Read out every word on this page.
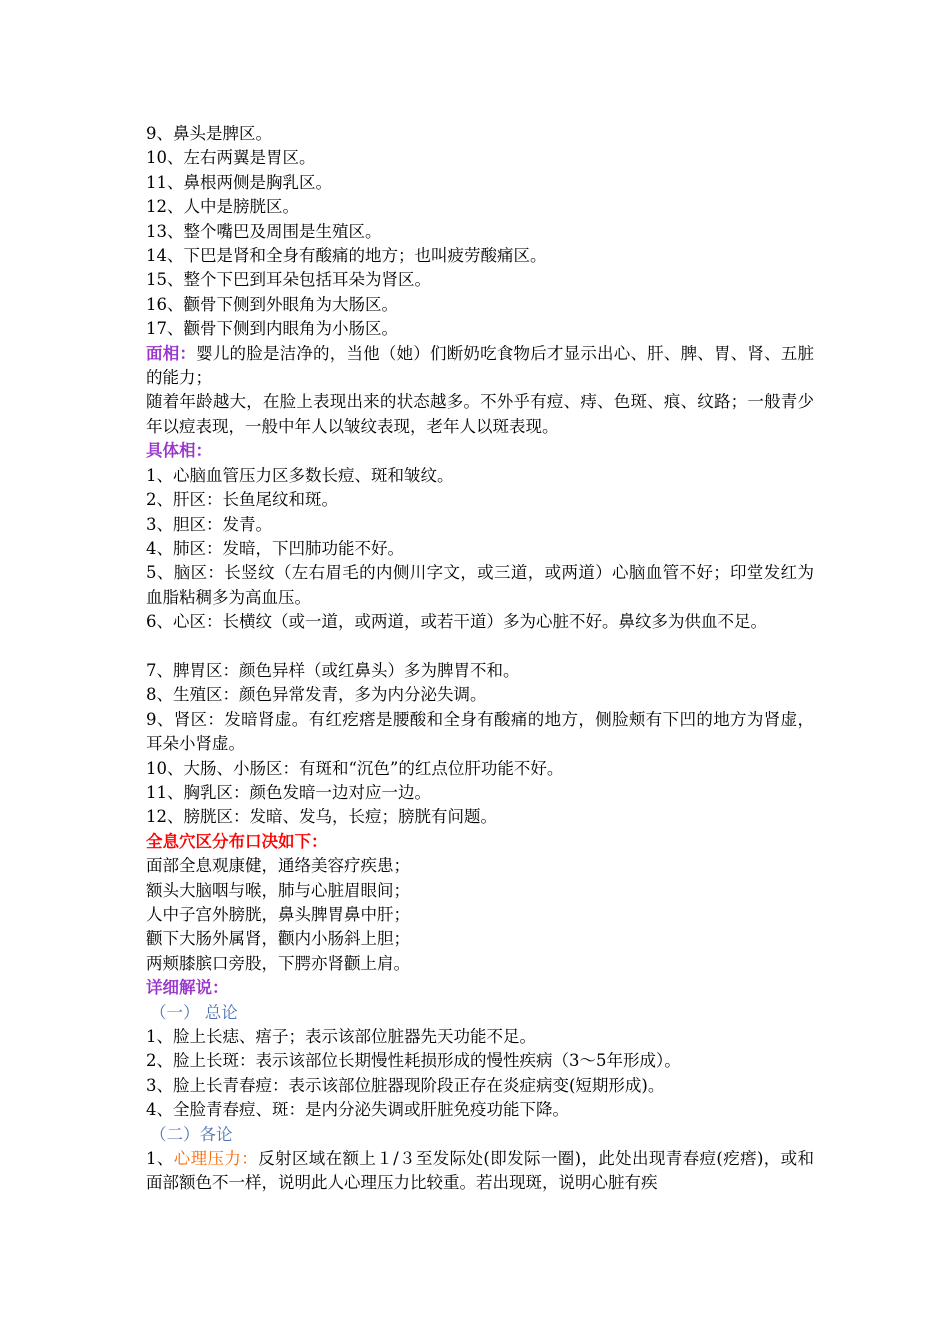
9、鼻头是脾区。
10、左右两翼是胃区。
11、鼻根两侧是胸乳区。
12、人中是膀胱区。
13、整个嘴巴及周围是生殖区。
14、下巴是肾和全身有酸痛的地方；也叫疲劳酸痛区。
15、整个下巴到耳朵包括耳朵为肾区。
16、颧骨下侧到外眼角为大肠区。
17、颧骨下侧到内眼角为小肠区。
面相：婴儿的脸是洁净的，当他（她）们断奶吃食物后才显示出心、肝、脾、胃、肾、五脏的能力；
随着年龄越大，在脸上表现出来的状态越多。不外乎有痘、痔、色斑、痕、纹路；一般青少年以痘表现，一般中年人以皱纹表现，老年人以斑表现。
具体相：
1、心脑血管压力区多数长痘、斑和皱纹。
2、肝区：长鱼尾纹和斑。
3、胆区：发青。
4、肺区：发暗，下凹肺功能不好。
5、脑区：长竖纹（左右眉毛的内侧川字文，或三道，或两道）心脑血管不好；印堂发红为血脂粘稠多为高血压。
6、心区：长横纹（或一道，或两道，或若干道）多为心脏不好。鼻纹多为供血不足。
7、脾胃区：颜色异样（或红鼻头）多为脾胃不和。
8、生殖区：颜色异常发青，多为内分泌失调。
9、肾区：发暗肾虚。有红疙瘩是腰酸和全身有酸痛的地方，侧脸颊有下凹的地方为肾虚，耳朵小肾虚。
10、大肠、小肠区：有斑和“沉色”的红点位肝功能不好。
11、胸乳区：颜色发暗一边对应一边。
12、膀胱区：发暗、发乌，长痘；膀胱有问题。
全息穴区分布口决如下：
面部全息观康健，通络美容疗疾患；
额头大脑咽与喉，肺与心脏眉眼间；
人中子宫外膀胱，鼻头脾胃鼻中肝；
颧下大肠外属肾，颧内小肠斜上胆；
两颊膝膑口旁股，下腭亦肾颧上肩。
详细解说：
（一） 总论
1、脸上长痣、痦子；表示该部位脏器先天功能不足。
2、脸上长斑：表示该部位长期慢性耗损形成的慢性疾病（3～5年形成）。
3、脸上长青春痘：表示该部位脏器现阶段正存在炎症病变(短期形成)。
4、全脸青春痘、斑：是内分泌失调或肝脏免疫功能下降。
（二）各论
1、心理压力：反射区域在额上１/３至发际处(即发际一圈)，此处出现青春痘(疙瘩)，或和面部额色不一样，说明此人心理压力比较重。若出现斑，说明心脏有疾
